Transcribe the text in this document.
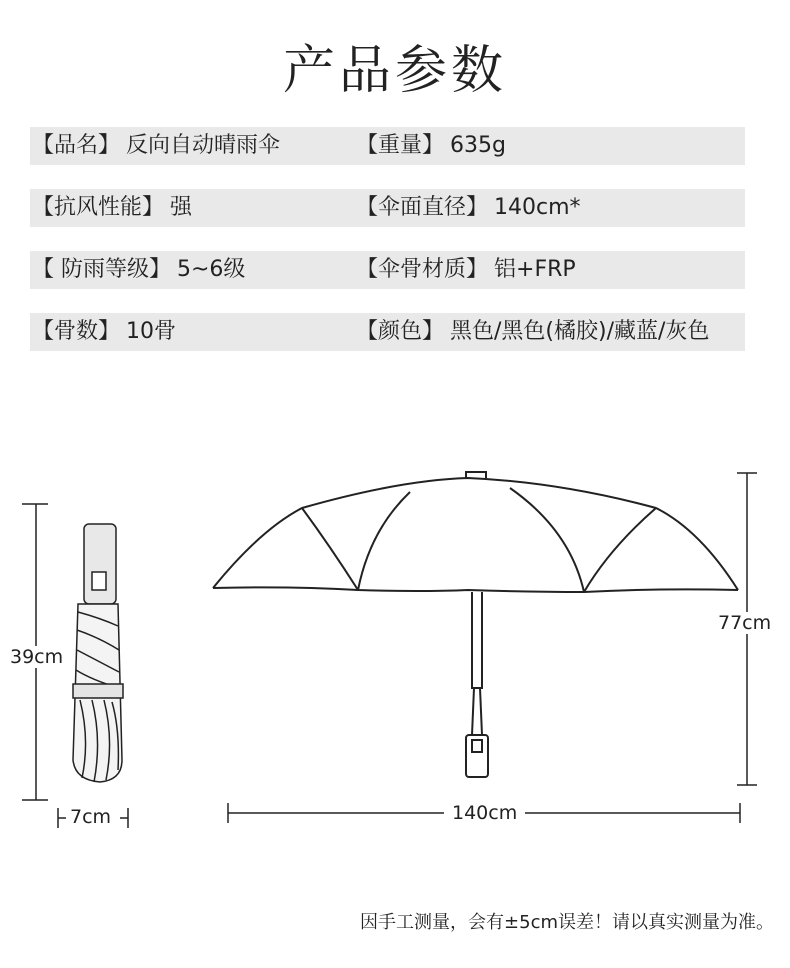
产品参数
【品名】 反向自动晴雨伞	【重量】 635g
【抗风性能】 强	【伞面直径】 140cm*
【 防雨等级】 5~6级	【伞骨材质】 铝+FRP
【骨数】 10骨	【颜色】 黑色/黑色(橘胶)/藏蓝/灰色
39cm
7cm
77cm
140cm
因手工测量，会有±5cm误差！请以真实测量为准。
